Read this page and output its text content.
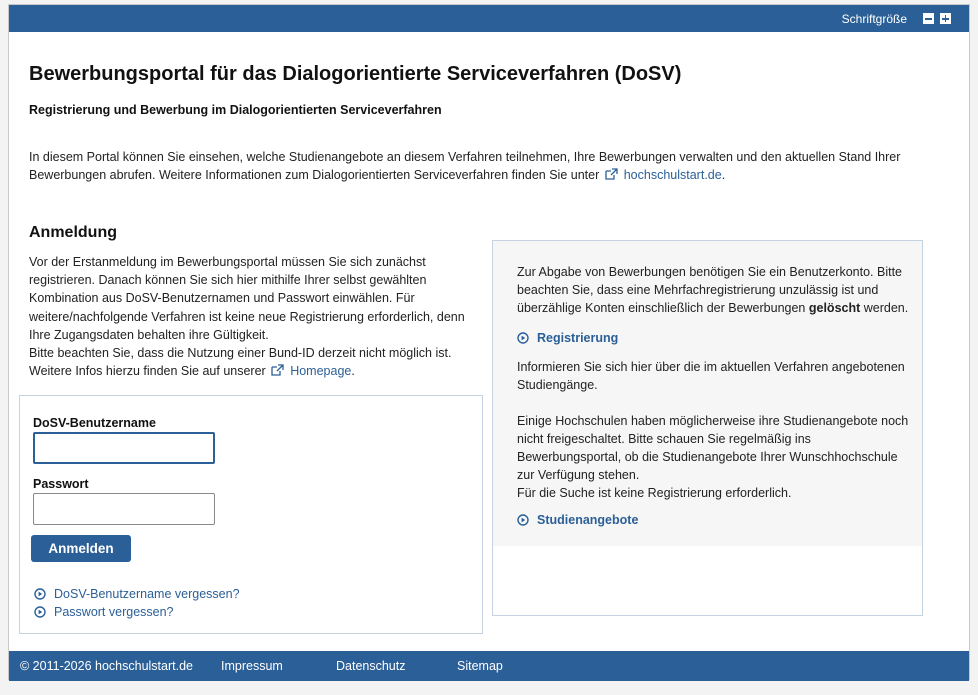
Schriftgröße
Bewerbungsportal für das Dialogorientierte Serviceverfahren (DoSV)

Registrierung und Bewerbung im Dialogorientierten Serviceverfahren

In diesem Portal können Sie einsehen, welche Studienangebote an diesem Verfahren teilnehmen, Ihre Bewerbungen verwalten und den aktuellen Stand Ihrer Bewerbungen abrufen. Weitere Informationen zum Dialogorientierten Serviceverfahren finden Sie unter hochschulstart.de.

Anmeldung

Vor der Erstanmeldung im Bewerbungsportal müssen Sie sich zunächst registrieren. Danach können Sie sich hier mithilfe Ihrer selbst gewählten Kombination aus DoSV-Benutzernamen und Passwort einwählen. Für weitere/nachfolgende Verfahren ist keine neue Registrierung erforderlich, denn Ihre Zugangsdaten behalten ihre Gültigkeit.
Bitte beachten Sie, dass die Nutzung einer Bund-ID derzeit nicht möglich ist. Weitere Infos hierzu finden Sie auf unserer Homepage.

DoSV-Benutzername
Passwort
Anmelden
DoSV-Benutzername vergessen?
Passwort vergessen?

Zur Abgabe von Bewerbungen benötigen Sie ein Benutzerkonto. Bitte beachten Sie, dass eine Mehrfachregistrierung unzulässig ist und überzählige Konten einschließlich der Bewerbungen gelöscht werden.

Registrierung

Informieren Sie sich hier über die im aktuellen Verfahren angebotenen Studiengänge.

Einige Hochschulen haben möglicherweise ihre Studienangebote noch nicht freigeschaltet. Bitte schauen Sie regelmäßig ins Bewerbungsportal, ob die Studienangebote Ihrer Wunschhochschule zur Verfügung stehen.

Für die Suche ist keine Registrierung erforderlich.

Studienangebote
© 2011-2026 hochschulstart.de Impressum	Datenschutz	Sitemap
